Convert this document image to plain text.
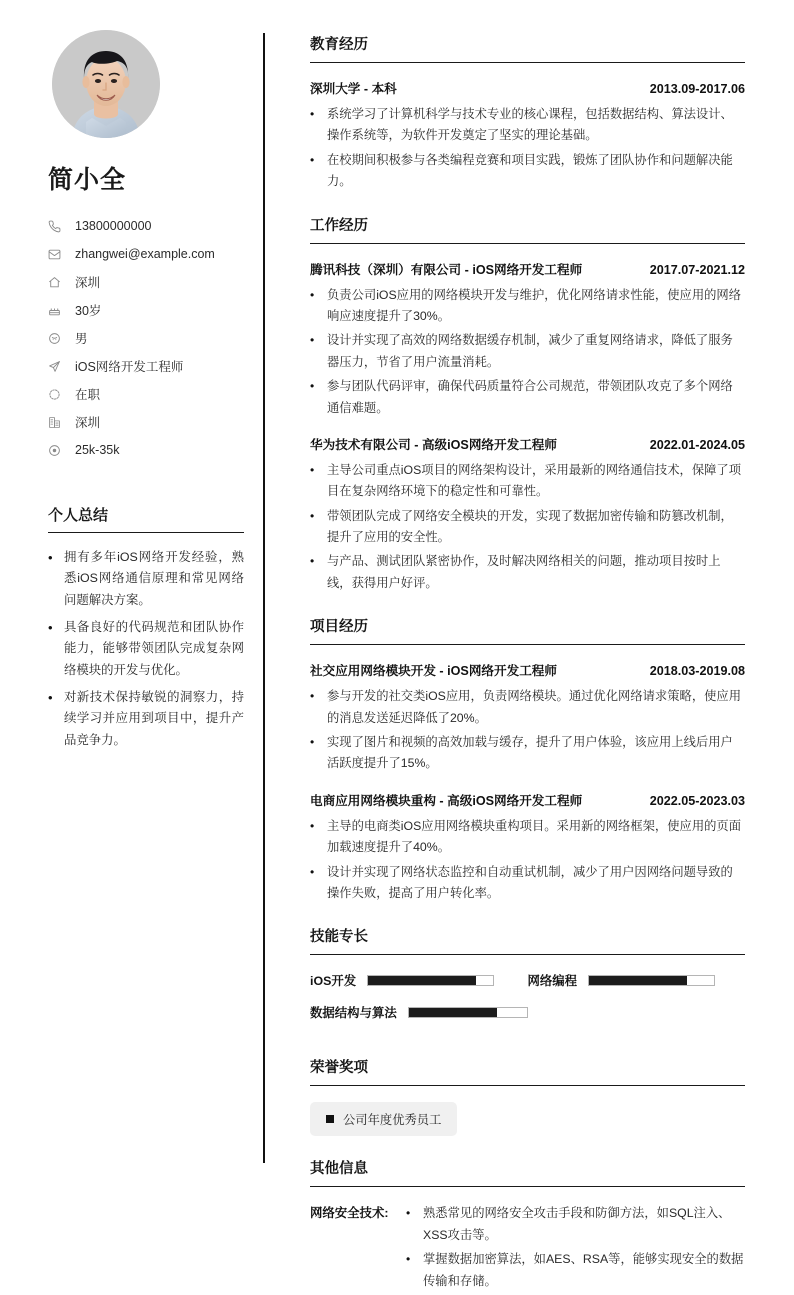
简小全
13800000000
zhangwei@example.com
深圳
30岁
男
iOS网络开发工程师
在职
深圳
25k-35k
个人总结
• 拥有多年iOS网络开发经验，熟悉iOS网络通信原理和常见网络问题解决方案。
• 具备良好的代码规范和团队协作能力，能够带领团队完成复杂网络模块的开发与优化。
• 对新技术保持敏锐的洞察力，持续学习并应用到项目中，提升产品竞争力。
教育经历
深圳大学 - 本科	2013.09-2017.06
•	系统学习了计算机科学与技术专业的核心课程，包括数据结构、算法设计、操作系统等，为软件开发奠定了坚实的理论基础。
•	在校期间积极参与各类编程竞赛和项目实践，锻炼了团队协作和问题解决能力。
工作经历
腾讯科技（深圳）有限公司 - iOS网络开发工程师	2017.07-2021.12
•	负责公司iOS应用的网络模块开发与维护，优化网络请求性能，使应用的网络响应速度提升了30%。
•	设计并实现了高效的网络数据缓存机制，减少了重复网络请求，降低了服务器压力，节省了用户流量消耗。
•	参与团队代码评审，确保代码质量符合公司规范，带领团队攻克了多个网络通信难题。
华为技术有限公司 - 高级iOS网络开发工程师	2022.01-2024.05
•	主导公司重点iOS项目的网络架构设计，采用最新的网络通信技术，保障了项目在复杂网络环境下的稳定性和可靠性。
•	带领团队完成了网络安全模块的开发，实现了数据加密传输和防篡改机制，提升了应用的安全性。
•	与产品、测试团队紧密协作，及时解决网络相关的问题，推动项目按时上线，获得用户好评。
项目经历
社交应用网络模块开发 - iOS网络开发工程师	2018.03-2019.08
•	参与开发的社交类iOS应用，负责网络模块。通过优化网络请求策略，使应用的消息发送延迟降低了20%。
•	实现了图片和视频的高效加载与缓存，提升了用户体验，该应用上线后用户活跃度提升了15%。
电商应用网络模块重构 - 高级iOS网络开发工程师	2022.05-2023.03
•	主导的电商类iOS应用网络模块重构项目。采用新的网络框架，使应用的页面加载速度提升了40%。
•	设计并实现了网络状态监控和自动重试机制，减少了用户因网络问题导致的操作失败，提高了用户转化率。
技能专长
iOS开发	网络编程
数据结构与算法
荣誉奖项
公司年度优秀员工
其他信息
网络安全技术:	•	熟悉常见的网络安全攻击手段和防御方法，如SQL注入、XSS攻击等。
•	掌握数据加密算法，如AES、RSA等，能够实现安全的数据传输和存储。
